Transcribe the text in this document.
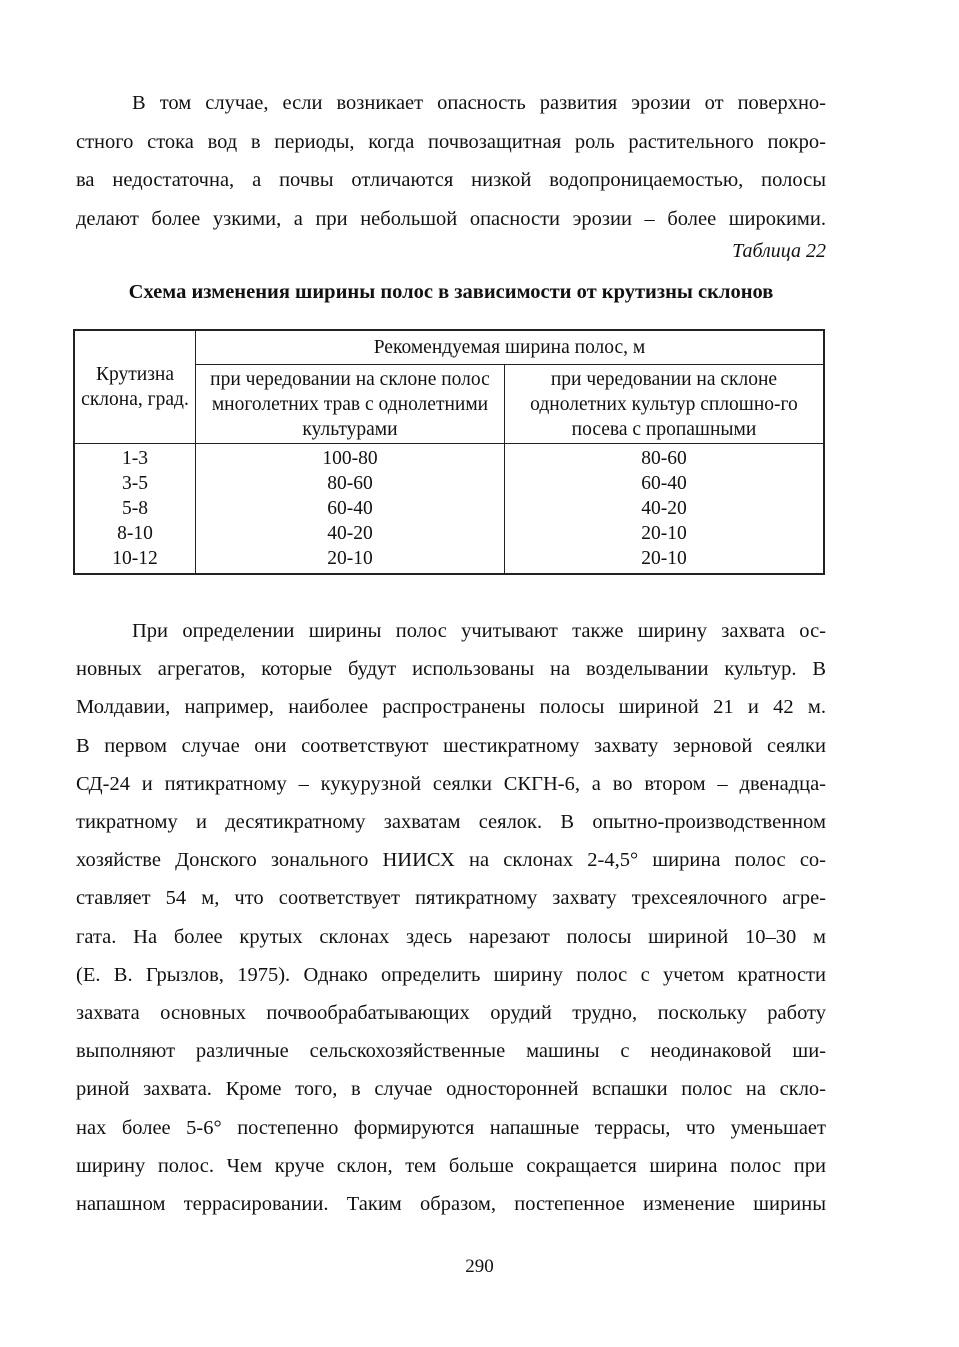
В том случае, если возникает опасность развития эрозии от поверхно-
стного стока вод в периоды, когда почвозащитная роль растительного покро-
ва недостаточна, а почвы отличаются низкой водопроницаемостью, полосы
делают более узкими, а при небольшой опасности эрозии – более широкими.
Таблица 22
Схема изменения ширины полос в зависимости от крутизны склонов
Крутизна склона, град.	Рекомендуемая ширина полос, м	
	при чередовании на склоне полос многолетних трав с однолетними культурами	при чередовании на склоне однолетних культур сплошно-го посева с пропашными
1-3	100-80	80-60
3-5	80-60	60-40
5-8	60-40	40-20
8-10	40-20	20-10
10-12	20-10	20-10
При определении ширины полос учитывают также ширину захвата ос-
новных агрегатов, которые будут использованы на возделывании культур. В
Молдавии, например, наиболее распространены полосы шириной 21 и 42 м.
В первом случае они соответствуют шестикратному захвату зерновой сеялки
СД-24 и пятикратному – кукурузной сеялки СКГН-6, а во втором – двенадца-
тикратному и десятикратному захватам сеялок. В опытно-производственном
хозяйстве Донского зонального НИИСХ на склонах 2-4,5° ширина полос со-
ставляет 54 м, что соответствует пятикратному захвату трехсеялочного агре-
гата. На более крутых склонах здесь нарезают полосы шириной 10–30 м
(Е. В. Грызлов, 1975). Однако определить ширину полос с учетом кратности
захвата основных почвообрабатывающих орудий трудно, поскольку работу
выполняют различные сельскохозяйственные машины с неодинаковой ши-
риной захвата. Кроме того, в случае односторонней вспашки полос на скло-
нах более 5-6° постепенно формируются напашные террасы, что уменьшает
ширину полос. Чем круче склон, тем больше сокращается ширина полос при
напашном террасировании. Таким образом, постепенное изменение ширины
290
